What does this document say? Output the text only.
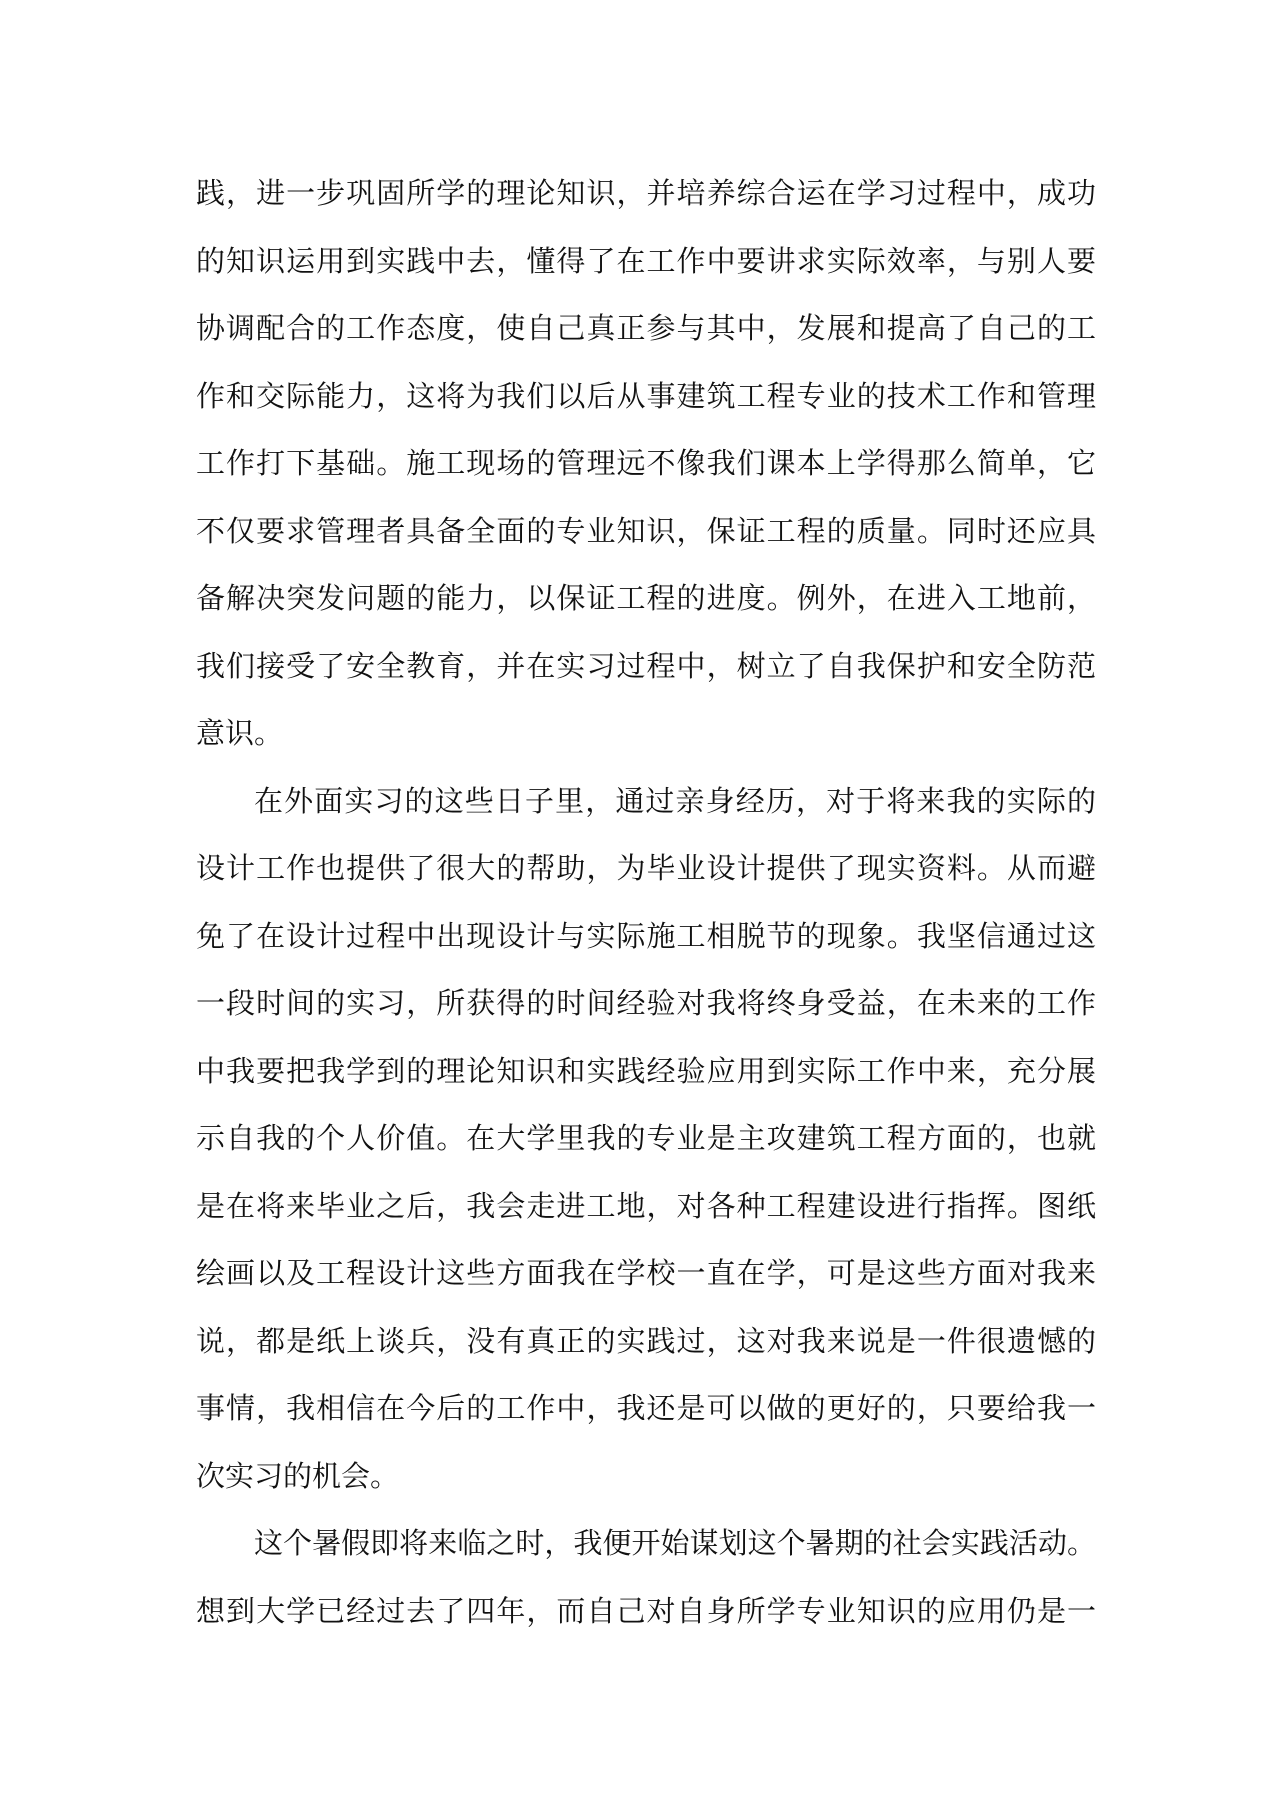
践，进一步巩固所学的理论知识，并培养综合运在学习过程中，成功
的知识运用到实践中去，懂得了在工作中要讲求实际效率，与别人要
协调配合的工作态度，使自己真正参与其中，发展和提高了自己的工
作和交际能力，这将为我们以后从事建筑工程专业的技术工作和管理
工作打下基础。施工现场的管理远不像我们课本上学得那么简单，它
不仅要求管理者具备全面的专业知识，保证工程的质量。同时还应具
备解决突发问题的能力，以保证工程的进度。例外，在进入工地前，
我们接受了安全教育，并在实习过程中，树立了自我保护和安全防范
意识。
在外面实习的这些日子里，通过亲身经历，对于将来我的实际的
设计工作也提供了很大的帮助，为毕业设计提供了现实资料。从而避
免了在设计过程中出现设计与实际施工相脱节的现象。我坚信通过这
一段时间的实习，所获得的时间经验对我将终身受益，在未来的工作
中我要把我学到的理论知识和实践经验应用到实际工作中来，充分展
示自我的个人价值。在大学里我的专业是主攻建筑工程方面的，也就
是在将来毕业之后，我会走进工地，对各种工程建设进行指挥。图纸
绘画以及工程设计这些方面我在学校一直在学，可是这些方面对我来
说，都是纸上谈兵，没有真正的实践过，这对我来说是一件很遗憾的
事情，我相信在今后的工作中，我还是可以做的更好的，只要给我一
次实习的机会。
这个暑假即将来临之时，我便开始谋划这个暑期的社会实践活动。
想到大学已经过去了四年，而自己对自身所学专业知识的应用仍是一
